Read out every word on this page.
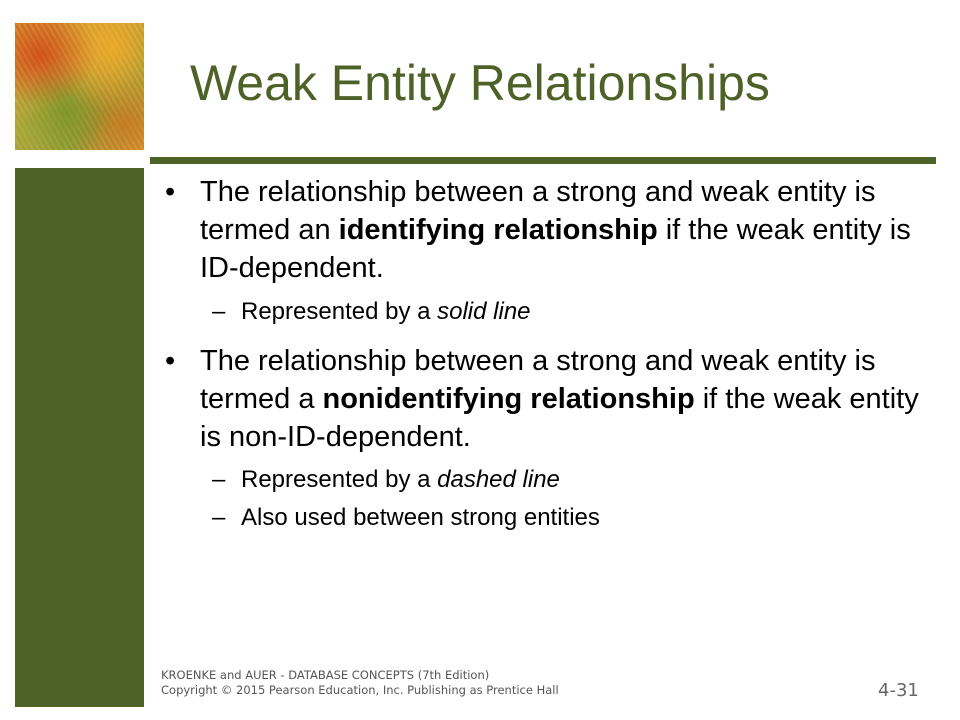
Weak Entity Relationships
• The relationship between a strong and weak entity is termed an identifying relationship if the weak entity is ID-dependent.
– Represented by a solid line
• The relationship between a strong and weak entity is termed a nonidentifying relationship if the weak entity is non-ID-dependent.
– Represented by a dashed line
– Also used between strong entities
KROENKE and AUER - DATABASE CONCEPTS (7th Edition)
Copyright © 2015 Pearson Education, Inc. Publishing as Prentice Hall	4-31
